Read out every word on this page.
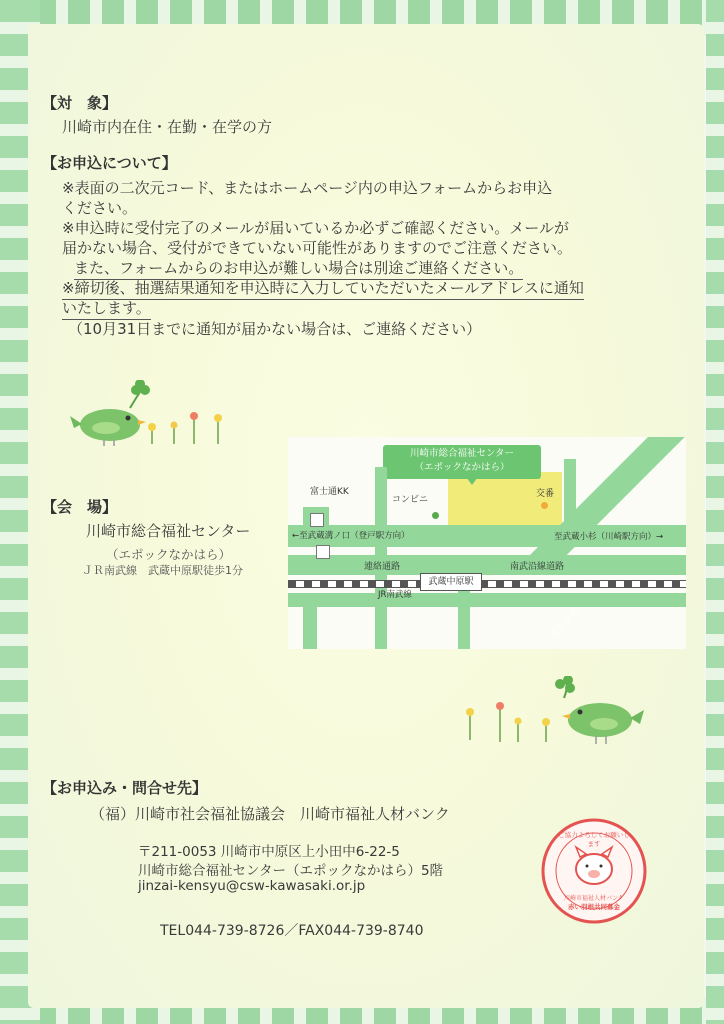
【対　象】
川崎市内在住・在勤・在学の方
【お申込について】
※表面の二次元コード、またはホームページ内の申込フォームからお申込
ください。
※申込時に受付完了のメールが届いているか必ずご確認ください。メールが
届かない場合、受付ができていない可能性がありますのでご注意ください。
また、フォームからのお申込が難しい場合は別途ご連絡ください。
※締切後、抽選結果通知を申込時に入力していただいたメールアドレスに通知
いたします。
（10月31日までに通知が届かない場合は、ご連絡ください）
【会　場】
川崎市総合福祉センター
（エポックなかはら）
ＪＲ南武線　武蔵中原駅徒歩1分
川崎市総合福祉センター
（エポックなかはら）
綱島街道
武蔵中原駅
富士通KK
コンビニ
交番
←至武蔵溝ノ口（登戸駅方向）	至武蔵小杉（川崎駅方向）→
連絡通路	南武沿線道路
JR南武線
【お申込み・問合せ先】
（福）川崎市社会福祉協議会　川崎市福祉人材バンク
〒211-0053 川崎市中原区上小田中6-22-5
川崎市総合福祉センター（エポックなかはら）5階
jinzai-kensyu@csw-kawasaki.or.jp
TEL044-739-8726／FAX044-739-8740
ご協力よろしくお願いします
川崎市福祉人材バンク
赤い羽根共同募金
